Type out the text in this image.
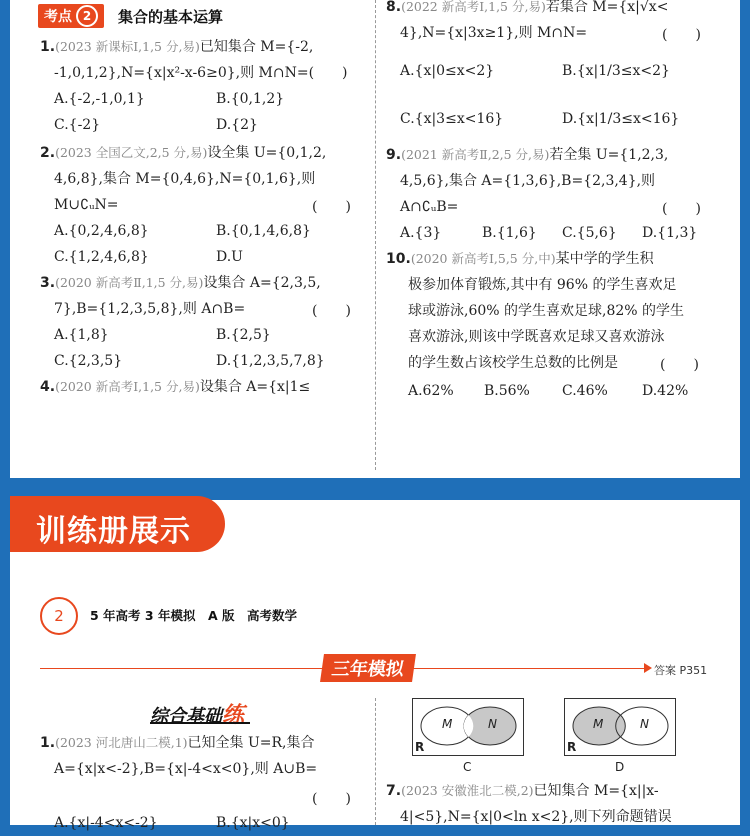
考点 2	集合的基本运算
1.(2023 新课标Ⅰ,1,5 分,易)已知集合 M={-2,
-1,0,1,2},N={x|x²-x-6≥0},则 M∩N=(　　)
A.{-2,-1,0,1}	B.{0,1,2}
C.{-2}	D.{2}
2.(2023 全国乙文,2,5 分,易)设全集 U={0,1,2,
4,6,8},集合 M={0,4,6},N={0,1,6},则
M∪∁ᵤN=	(　　)
A.{0,2,4,6,8}	B.{0,1,4,6,8}
C.{1,2,4,6,8}	D.U
3.(2020 新高考Ⅱ,1,5 分,易)设集合 A={2,3,5,
7},B={1,2,3,5,8},则 A∩B=	(　　)
A.{1,8}	B.{2,5}
C.{2,3,5}	D.{1,2,3,5,7,8}
4.(2020 新高考Ⅰ,1,5 分,易)设集合 A={x|1≤
8.(2022 新高考Ⅰ,1,5 分,易)若集合 M={x|√x<
4},N={x|3x≥1},则 M∩N=	(　　)
A.{x|0≤x<2}	B.{x|1/3≤x<2}
C.{x|3≤x<16}	D.{x|1/3≤x<16}
9.(2021 新高考Ⅱ,2,5 分,易)若全集 U={1,2,3,
4,5,6},集合 A={1,3,6},B={2,3,4},则
A∩∁ᵤB=	(　　)
A.{3}	B.{1,6} C.{5,6} D.{1,3}
10.(2020 新高考Ⅰ,5,5 分,中)某中学的学生积
极参加体育锻炼,其中有 96% 的学生喜欢足
球或游泳,60% 的学生喜欢足球,82% 的学生
喜欢游泳,则该中学既喜欢足球又喜欢游泳
的学生数占该校学生总数的比例是	(　　)
A.62% B.56% C.46% D.42%
训练册展示
2	5 年高考 3 年模拟　A 版　高考数学
三年模拟	答案 P351
综合基础练
1.(2023 河北唐山二模,1)已知全集 U=R,集合
A={x|x<-2},B={x|-4<x<0},则 A∪B=
(　　)
A.{x|-4<x<-2}	B.{x|x<0}
M	N
R
C
M	N
R
D
7.(2023 安徽淮北二模,2)已知集合 M={x||x-
4|<5},N={x|0<ln x<2},则下列命题错误
